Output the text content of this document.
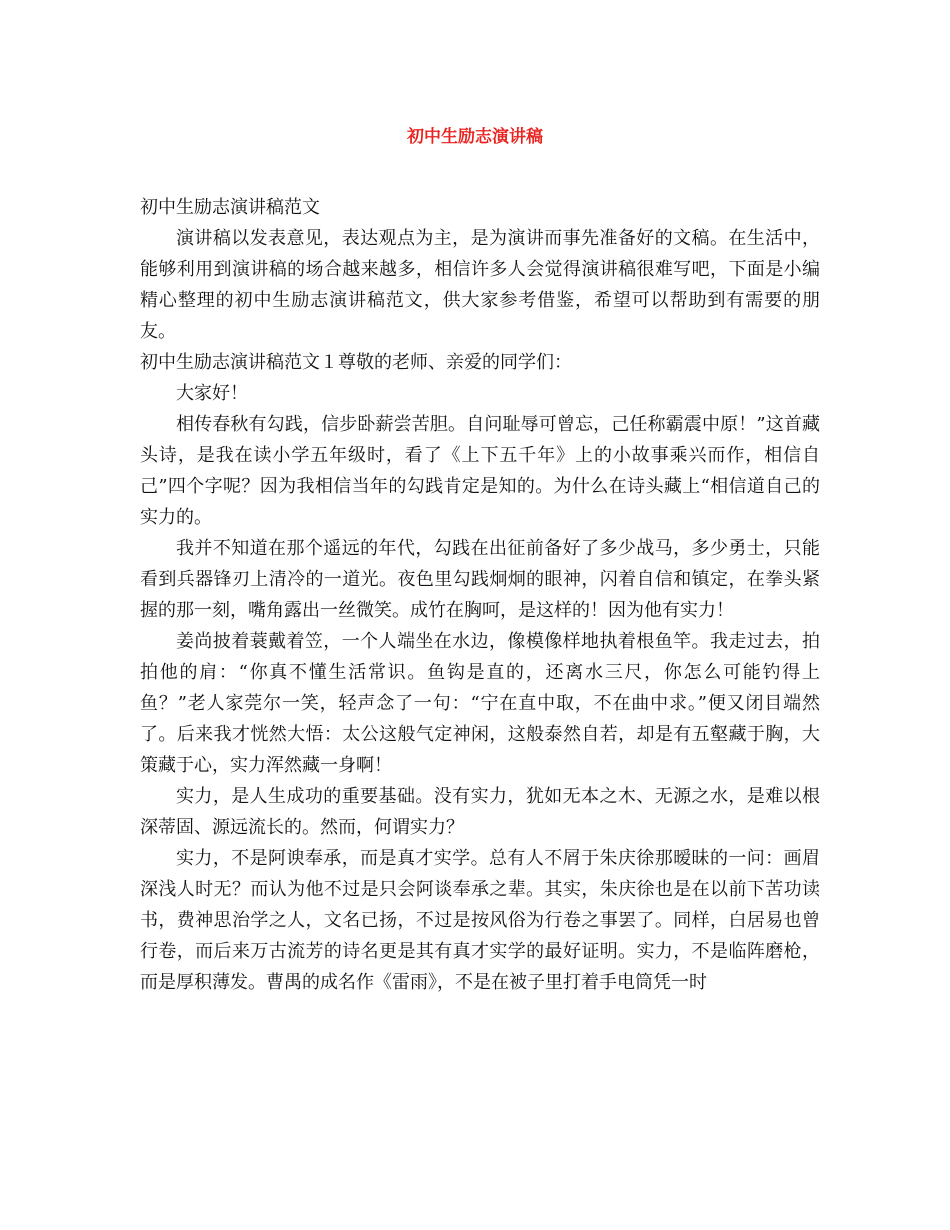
初中生励志演讲稿

初中生励志演讲稿范文

演讲稿以发表意见，表达观点为主，是为演讲而事先准备好的文稿。在生活中，能够利用到演讲稿的场合越来越多，相信许多人会觉得演讲稿很难写吧，下面是小编精心整理的初中生励志演讲稿范文，供大家参考借鉴，希望可以帮助到有需要的朋友。

初中生励志演讲稿范文１尊敬的老师、亲爱的同学们：

大家好！

相传春秋有勾践，信步卧薪尝苦胆。自问耻辱可曾忘，己任称霸震中原！”这首藏头诗，是我在读小学五年级时，看了《上下五千年》上的小故事乘兴而作，相信自己”四个字呢？因为我相信当年的勾践肯定是知的。为什么在诗头藏上“相信道自己的实力的。

我并不知道在那个遥远的年代，勾践在出征前备好了多少战马，多少勇士，只能看到兵器锋刃上清冷的一道光。夜色里勾践炯炯的眼神，闪着自信和镇定，在拳头紧握的那一刻，嘴角露出一丝微笑。成竹在胸呵，是这样的！因为他有实力！

姜尚披着蓑戴着笠，一个人端坐在水边，像模像样地执着根鱼竿。我走过去，拍拍他的肩：“你真不懂生活常识。鱼钩是直的，还离水三尺，你怎么可能钓得上鱼？”老人家莞尔一笑，轻声念了一句：“宁在直中取，不在曲中求。”便又闭目端然了。后来我才恍然大悟：太公这般气定神闲，这般泰然自若，却是有五壑藏于胸，大策藏于心，实力浑然藏一身啊！

实力，是人生成功的重要基础。没有实力，犹如无本之木、无源之水，是难以根深蒂固、源远流长的。然而，何谓实力？

实力，不是阿谀奉承，而是真才实学。总有人不屑于朱庆徐那暧昧的一问：画眉深浅人时无？而认为他不过是只会阿谈奉承之辈。其实，朱庆徐也是在以前下苦功读书，费神思治学之人，文名已扬，不过是按风俗为行卷之事罢了。同样，白居易也曾行卷，而后来万古流芳的诗名更是其有真才实学的最好证明。实力，不是临阵磨枪，而是厚积薄发。曹禺的成名作《雷雨》，不是在被子里打着手电筒凭一时
